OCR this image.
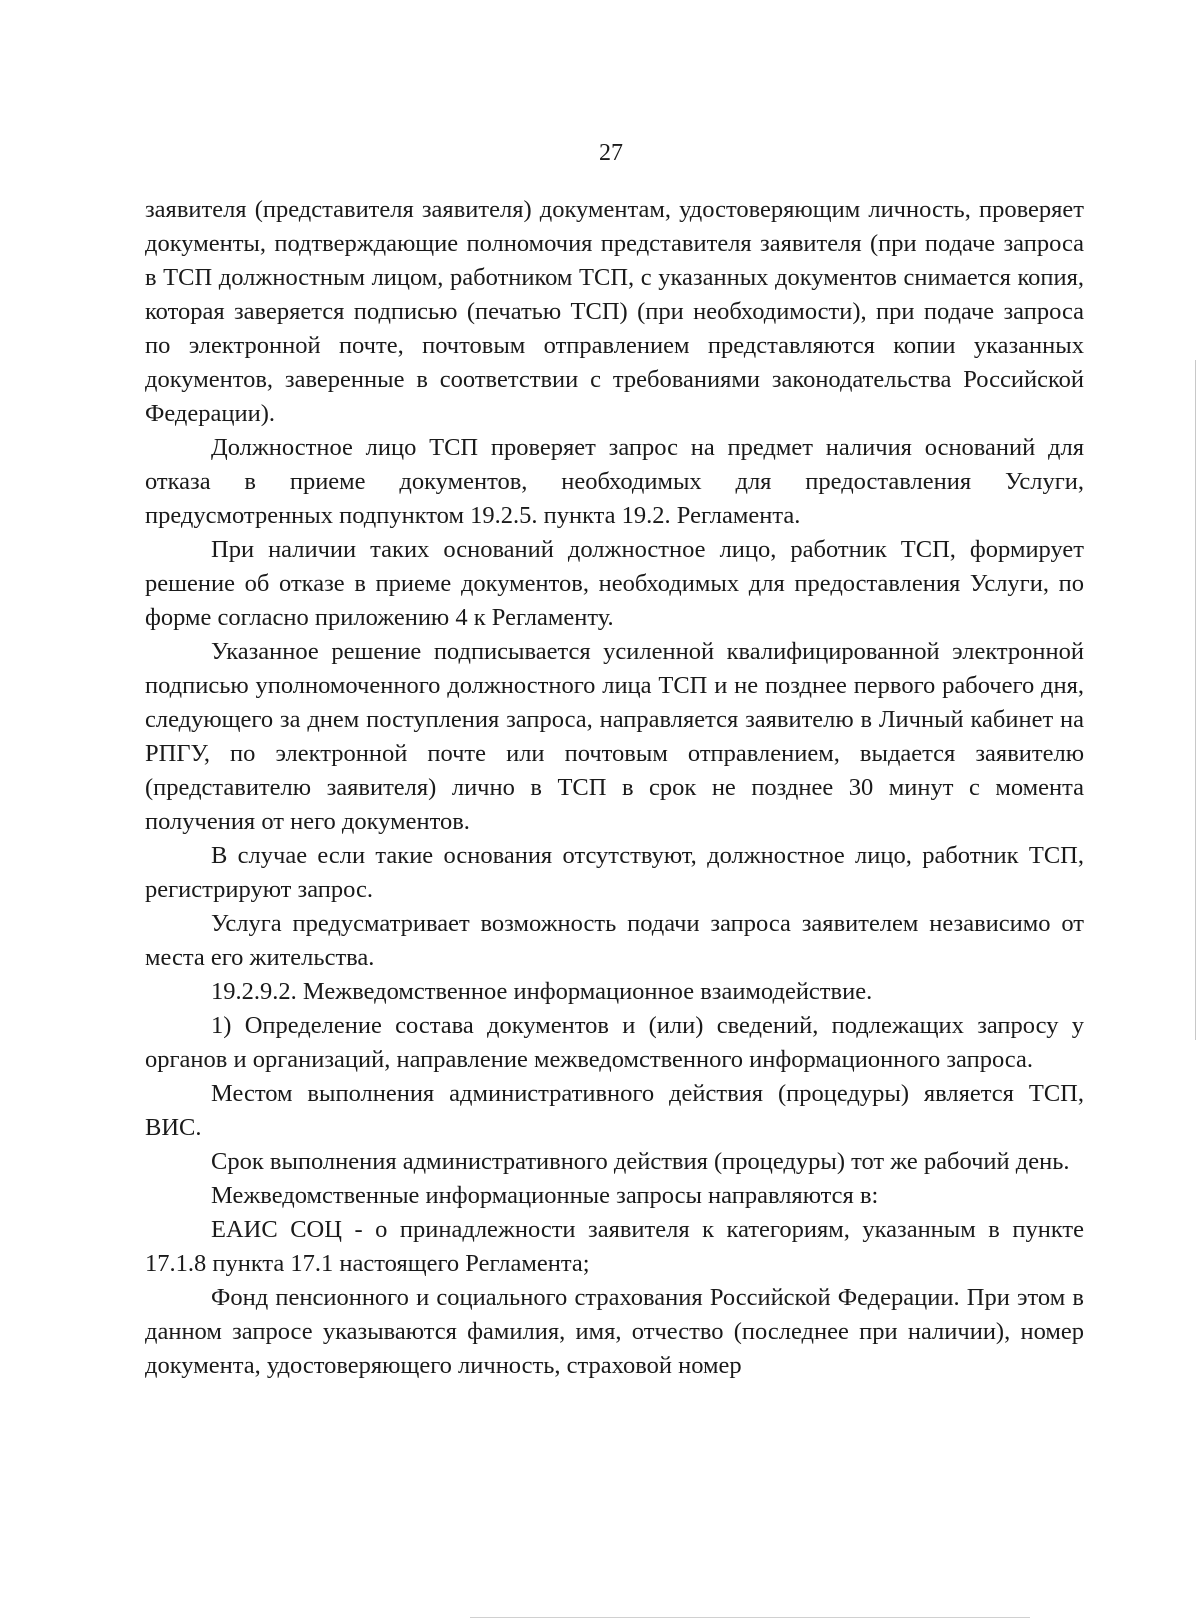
27

заявителя (представителя заявителя) документам, удостоверяющим личность, проверяет документы, подтверждающие полномочия представителя заявителя (при подаче запроса в ТСП должностным лицом, работником ТСП, с указанных документов снимается копия, которая заверяется подписью (печатью ТСП) (при необходимости), при подаче запроса по электронной почте, почтовым отправлением представляются копии указанных документов, заверенные в соответствии с требованиями законодательства Российской Федерации).

Должностное лицо ТСП проверяет запрос на предмет наличия оснований для отказа в приеме документов, необходимых для предоставления Услуги, предусмотренных подпунктом 19.2.5. пункта 19.2. Регламента.

При наличии таких оснований должностное лицо, работник ТСП, формирует решение об отказе в приеме документов, необходимых для предоставления Услуги, по форме согласно приложению 4 к Регламенту.

Указанное решение подписывается усиленной квалифицированной электронной подписью уполномоченного должностного лица ТСП и не позднее первого рабочего дня, следующего за днем поступления запроса, направляется заявителю в Личный кабинет на РПГУ, по электронной почте или почтовым отправлением, выдается заявителю (представителю заявителя) лично в ТСП в срок не позднее 30 минут с момента получения от него документов.

В случае если такие основания отсутствуют, должностное лицо, работник ТСП, регистрируют запрос.

Услуга предусматривает возможность подачи запроса заявителем независимо от места его жительства.

19.2.9.2. Межведомственное информационное взаимодействие.

1) Определение состава документов и (или) сведений, подлежащих запросу у органов и организаций, направление межведомственного информационного запроса.

Местом выполнения административного действия (процедуры) является ТСП, ВИС.

Срок выполнения административного действия (процедуры) тот же рабочий день.

Межведомственные информационные запросы направляются в:

ЕАИС СОЦ - о принадлежности заявителя к категориям, указанным в пункте 17.1.8 пункта 17.1 настоящего Регламента;

Фонд пенсионного и социального страхования Российской Федерации. При этом в данном запросе указываются фамилия, имя, отчество (последнее при наличии), номер документа, удостоверяющего личность, страховой номер
